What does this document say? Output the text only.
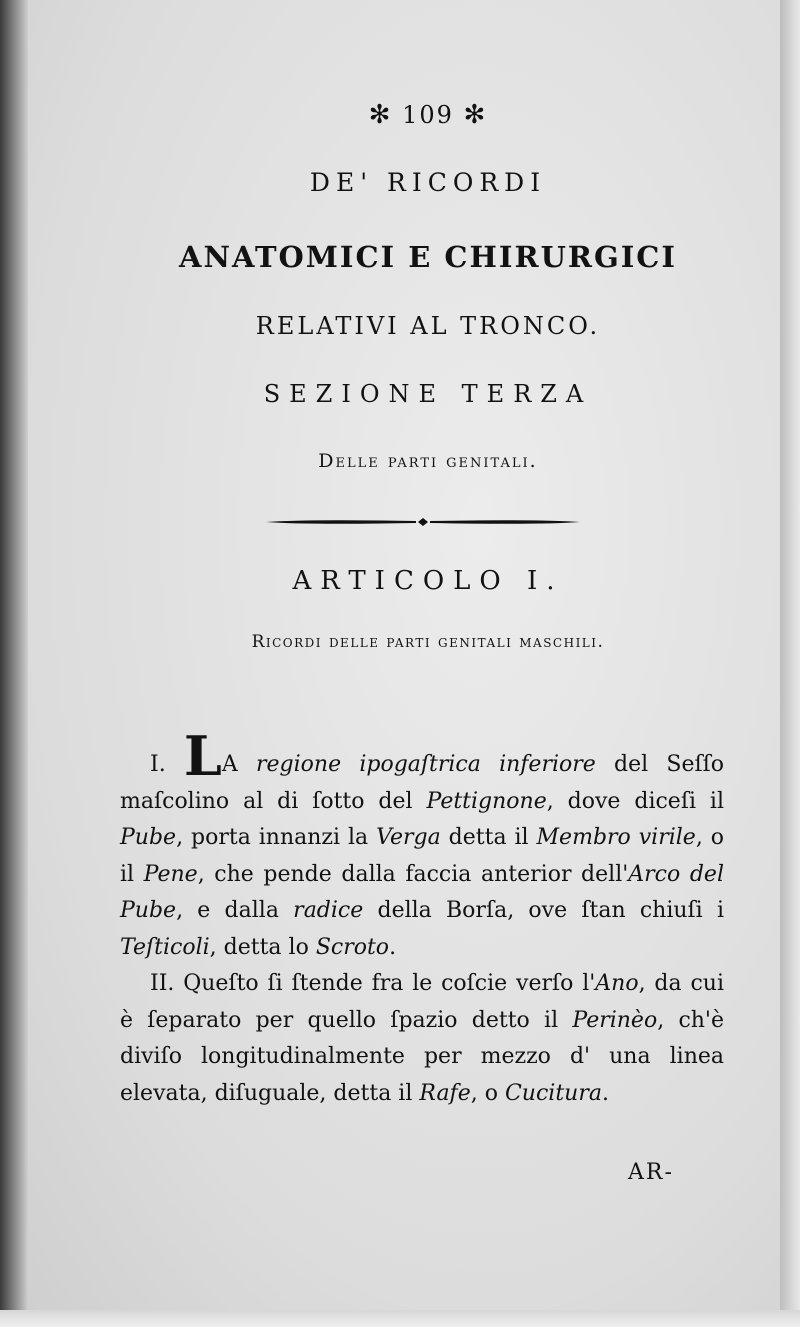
✻ 109 ✻
DE' RICORDI
ANATOMICI E CHIRURGICI
RELATIVI AL TRONCO.
SEZIONE TERZA
Delle parti genitali.
ARTICOLO I.
Ricordi delle parti genitali maschili.

I. LA regione ipogaſtrica inferiore del Seſſo maſcolino al di ſotto del Pettignone, dove diceſi il Pube, porta innanzi la Verga detta il Membro virile, o il Pene, che pende dalla faccia anterior dell'Arco del Pube, e dalla radice della Borſa, ove ſtan chiuſi i Teſticoli, detta lo Scroto.

II. Queſto ſi ſtende fra le coſcie verſo l'Ano, da cui è ſeparato per quello ſpazio detto il Perinèo, ch'è diviſo longitudinalmente per mezzo d' una linea elevata, diſuguale, detta il Rafe, o Cucitura.

AR-
